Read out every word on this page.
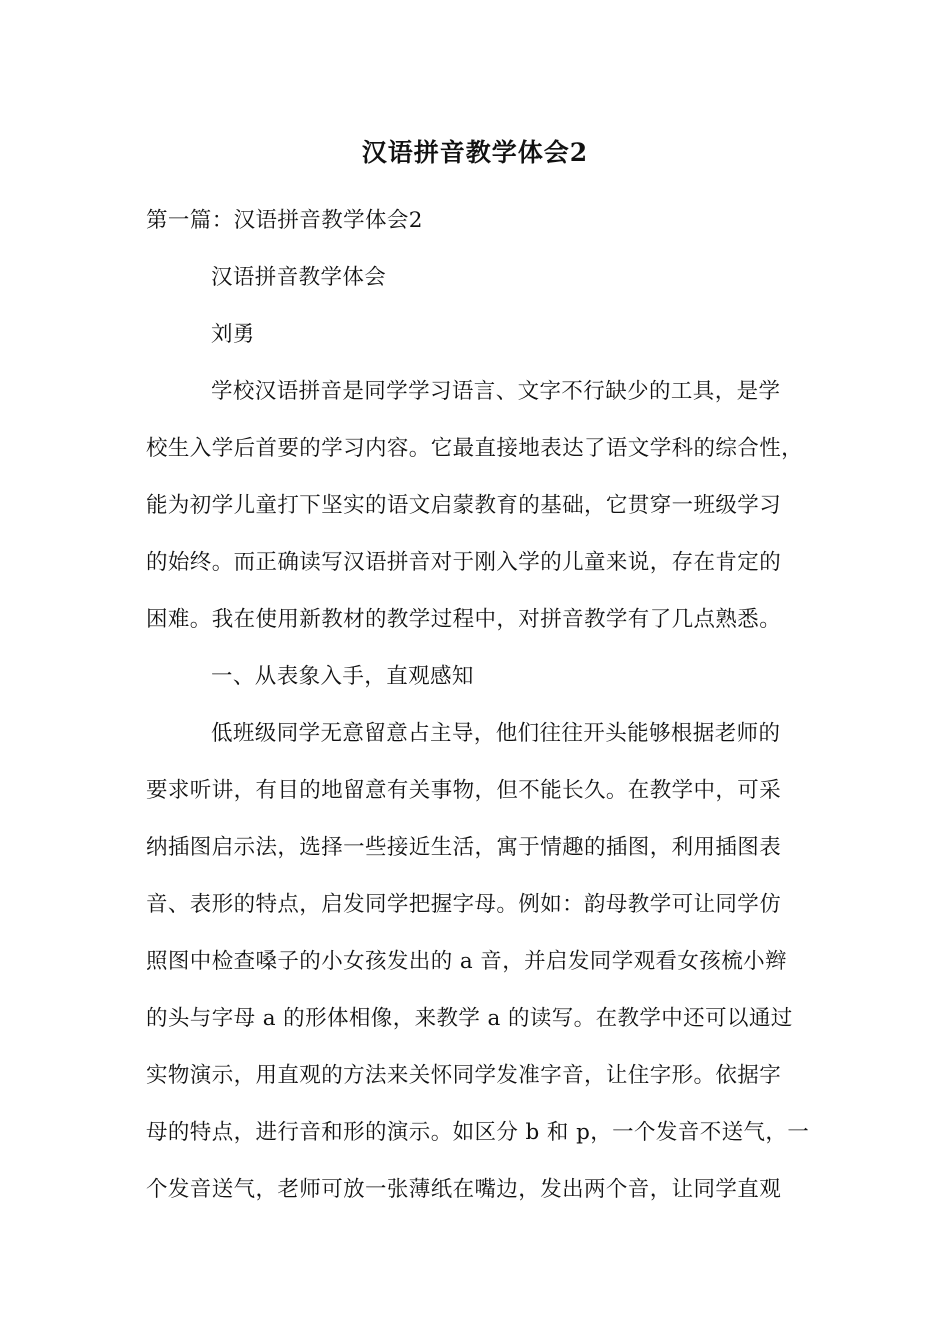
汉语拼音教学体会2
第一篇：汉语拼音教学体会2
汉语拼音教学体会
刘勇
学校汉语拼音是同学学习语言、文字不行缺少的工具，是学
校生入学后首要的学习内容。它最直接地表达了语文学科的综合性，
能为初学儿童打下坚实的语文启蒙教育的基础，它贯穿一班级学习
的始终。而正确读写汉语拼音对于刚入学的儿童来说，存在肯定的
困难。我在使用新教材的教学过程中，对拼音教学有了几点熟悉。
一、从表象入手，直观感知
低班级同学无意留意占主导，他们往往开头能够根据老师的
要求听讲，有目的地留意有关事物，但不能长久。在教学中，可采
纳插图启示法，选择一些接近生活，寓于情趣的插图，利用插图表
音、表形的特点，启发同学把握字母。例如：韵母教学可让同学仿
照图中检查嗓子的小女孩发出的 a 音，并启发同学观看女孩梳小辫
的头与字母 a 的形体相像，来教学 a 的读写。在教学中还可以通过
实物演示，用直观的方法来关怀同学发准字音，让住字形。依据字
母的特点，进行音和形的演示。如区分 b 和 p，一个发音不送气，一
个发音送气，老师可放一张薄纸在嘴边，发出两个音，让同学直观
